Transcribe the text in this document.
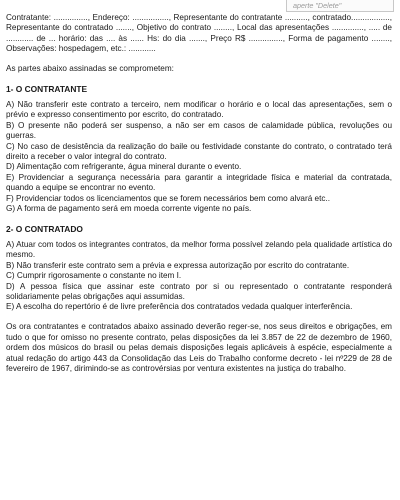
aperte "Delete"

Contratante: ..............., Endereço: ................, Representante do contratante .........., contratado................., Representante do contratado ......., Objetivo do contrato ........, Local das apresentações .............., ..... de ............ de ... horário: das .... às ...... Hs: do dia ......., Preço R$ ..............., Forma de pagamento ........, Observações: hospedagem, etc.: ............

As partes abaixo assinadas se comprometem:

1- O CONTRATANTE

A) Não transferir este contrato a terceiro, nem modificar o horário e o local das apresentações, sem o prévio e expresso consentimento por escrito, do contratado.

B) O presente não poderá ser suspenso, a não ser em casos de calamidade pública, revoluções ou guerras.

C) No caso de desistência da realização do baile ou festividade constante do contrato, o contratado terá direito a receber o valor integral do contrato.

D) Alimentação com refrigerante, água mineral durante o evento.

E) Providenciar a segurança necessária para garantir a integridade física e material da contratada, quando a equipe se encontrar no evento.

F) Providenciar todos os licenciamentos que se forem necessários bem como alvará etc..

G) A forma de pagamento será em moeda corrente vigente no país.

2- O CONTRATADO

A) Atuar com todos os integrantes contratos, da melhor forma possível zelando pela qualidade artística do mesmo.

B) Não transferir este contrato sem a prévia e expressa autorização por escrito do contratante.

C) Cumprir rigorosamente o constante no item I.

D) A pessoa física que assinar este contrato por si ou representado o contratante responderá solidariamente pelas obrigações aqui assumidas.

E) A escolha do repertório é de livre preferência dos contratados vedada qualquer interferência.

Os ora contratantes e contratados abaixo assinado deverão reger-se, nos seus direitos e obrigações, em tudo o que for omisso no presente contrato, pelas disposições da lei 3.857 de 22 de dezembro de 1960, ordem dos músicos do brasil ou pelas demais disposições legais aplicáveis à espécie, especialmente a atual redação do artigo 443 da Consolidação das Leis do Trabalho conforme decreto - lei nº229 de 28 de fevereiro de 1967, dirimindo-se as controvérsias por ventura existentes na justiça do trabalho.
